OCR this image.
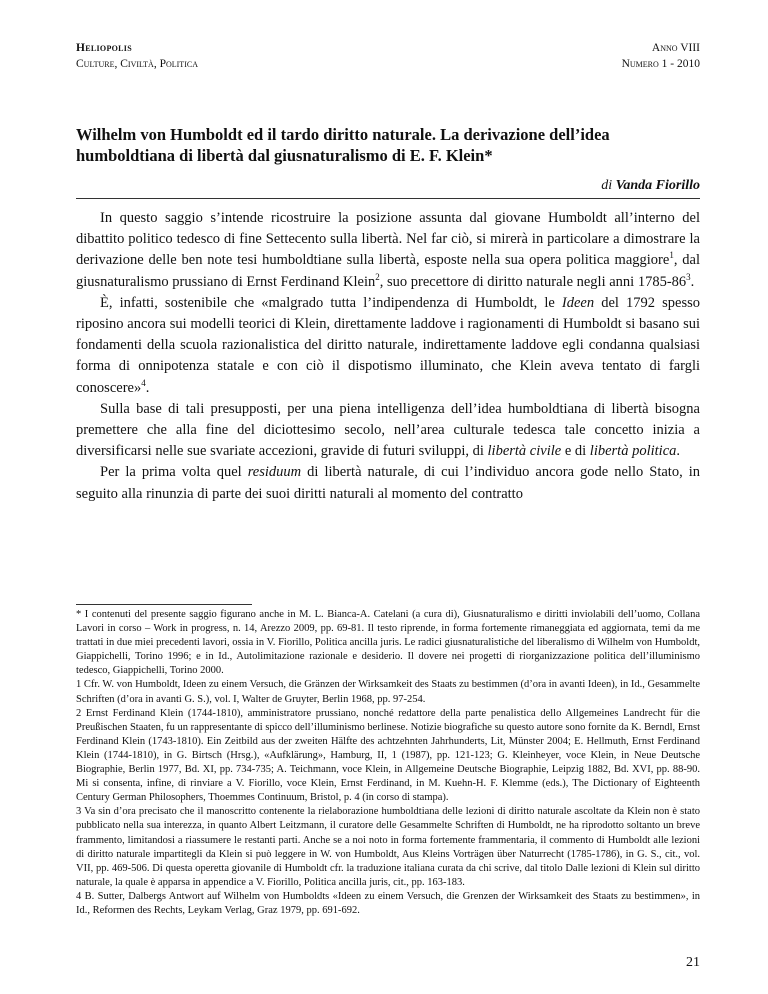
Heliopolis
Culture, Civiltà, Politica
Anno VIII
Numero 1 - 2010
Wilhelm von Humboldt ed il tardo diritto naturale. La derivazione dell’idea humboldtiana di libertà dal giusnaturalismo di E. F. Klein*
di Vanda Fiorillo

In questo saggio s’intende ricostruire la posizione assunta dal giovane Humboldt all’interno del dibattito politico tedesco di fine Settecento sulla libertà. Nel far ciò, si mirerà in particolare a dimostrare la derivazione delle ben note tesi humboldtiane sulla libertà, esposte nella sua opera politica maggiore$^1$, dal giusnaturalismo prussiano di Ernst Ferdinand Klein$^2$, suo precettore di diritto naturale negli anni $1785-86^3$.

È, infatti, sostenibile che «malgrado tutta l’indipendenza di Humboldt, le Ideen del 1792 spesso riposino ancora sui modelli teorici di Klein, direttamente laddove i ragionamenti di Humboldt si basano sui fondamenti della scuola razionalistica del diritto naturale, indirettamente laddove egli condanna qualsiasi forma di onnipotenza statale e con ciò il dispotismo illuminato, che Klein aveva tentato di fargli conoscere»$^4$.

Sulla base di tali presupposti, per una piena intelligenza dell’idea humboldtiana di libertà bisogna premettere che alla fine del diciottesimo secolo, nell’area culturale tedesca tale concetto inizia a diversificarsi nelle sue svariate accezioni, gravide di futuri sviluppi, di libertà civile e di libertà politica.

Per la prima volta quel residuum di libertà naturale, di cui l’individuo ancora gode nello Stato, in seguito alla rinunzia di parte dei suoi diritti naturali al momento del contratto

* I contenuti del presente saggio figurano anche in M. L. Bianca-A. Catelani (a cura di), Giusnaturalismo e diritti inviolabili dell’uomo, Collana Lavori in corso – Work in progress, n. 14, Arezzo 2009, pp. 69-81. Il testo riprende, in forma fortemente rimaneggiata ed aggiornata, temi da me trattati in due miei precedenti lavori, ossia in V. Fiorillo, Politica ancilla juris. Le radici giusnaturalistiche del liberalismo di Wilhelm von Humboldt, Giappichelli, Torino 1996; e in Id., Autolimitazione razionale e desiderio. Il dovere nei progetti di riorganizzazione politica dell’illuminismo tedesco, Giappichelli, Torino 2000.

1 Cfr. W. von Humboldt, Ideen zu einem Versuch, die Gränzen der Wirksamkeit des Staats zu bestimmen (d’ora in avanti Ideen), in Id., Gesammelte Schriften (d’ora in avanti G. S.), vol. I, Walter de Gruyter, Berlin 1968, pp. 97-254.

2 Ernst Ferdinand Klein (1744-1810), amministratore prussiano, nonché redattore della parte penalistica dello Allgemeines Landrecht für die Preußischen Staaten, fu un rappresentante di spicco dell’illuminismo berlinese. Notizie biografiche su questo autore sono fornite da K. Berndl, Ernst Ferdinand Klein (1743-1810). Ein Zeitbild aus der zweiten Hälfte des achtzehnten Jahrhunderts, Lit, Münster 2004; E. Hellmuth, Ernst Ferdinand Klein (1744-1810), in G. Birtsch (Hrsg.), «Aufklärung», Hamburg, II, 1 (1987), pp. 121-123; G. Kleinheyer, voce Klein, in Neue Deutsche Biographie, Berlin 1977, Bd. XI, pp. 734-735; A. Teichmann, voce Klein, in Allgemeine Deutsche Biographie, Leipzig 1882, Bd. XVI, pp. 88-90. Mi si consenta, infine, di rinviare a V. Fiorillo, voce Klein, Ernst Ferdinand, in M. Kuehn-H. F. Klemme (eds.), The Dictionary of Eighteenth Century German Philosophers, Thoemmes Continuum, Bristol, p. 4 (in corso di stampa).

3 Va sin d’ora precisato che il manoscritto contenente la rielaborazione humboldtiana delle lezioni di diritto naturale ascoltate da Klein non è stato pubblicato nella sua interezza, in quanto Albert Leitzmann, il curatore delle Gesammelte Schriften di Humboldt, ne ha riprodotto soltanto un breve frammento, limitandosi a riassumere le restanti parti. Anche se a noi noto in forma fortemente frammentaria, il commento di Humboldt alle lezioni di diritto naturale impartitegli da Klein si può leggere in W. von Humboldt, Aus Kleins Vorträgen über Naturrecht (1785-1786), in G. S., cit., vol. VII, pp. 469-506. Di questa operetta giovanile di Humboldt cfr. la traduzione italiana curata da chi scrive, dal titolo Dalle lezioni di Klein sul diritto naturale, la quale è apparsa in appendice a V. Fiorillo, Politica ancilla juris, cit., pp. 163-183.

4 B. Sutter, Dalbergs Antwort auf Wilhelm von Humboldts «Ideen zu einem Versuch, die Grenzen der Wirksamkeit des Staats zu bestimmen», in Id., Reformen des Rechts, Leykam Verlag, Graz 1979, pp. 691-692.

21
